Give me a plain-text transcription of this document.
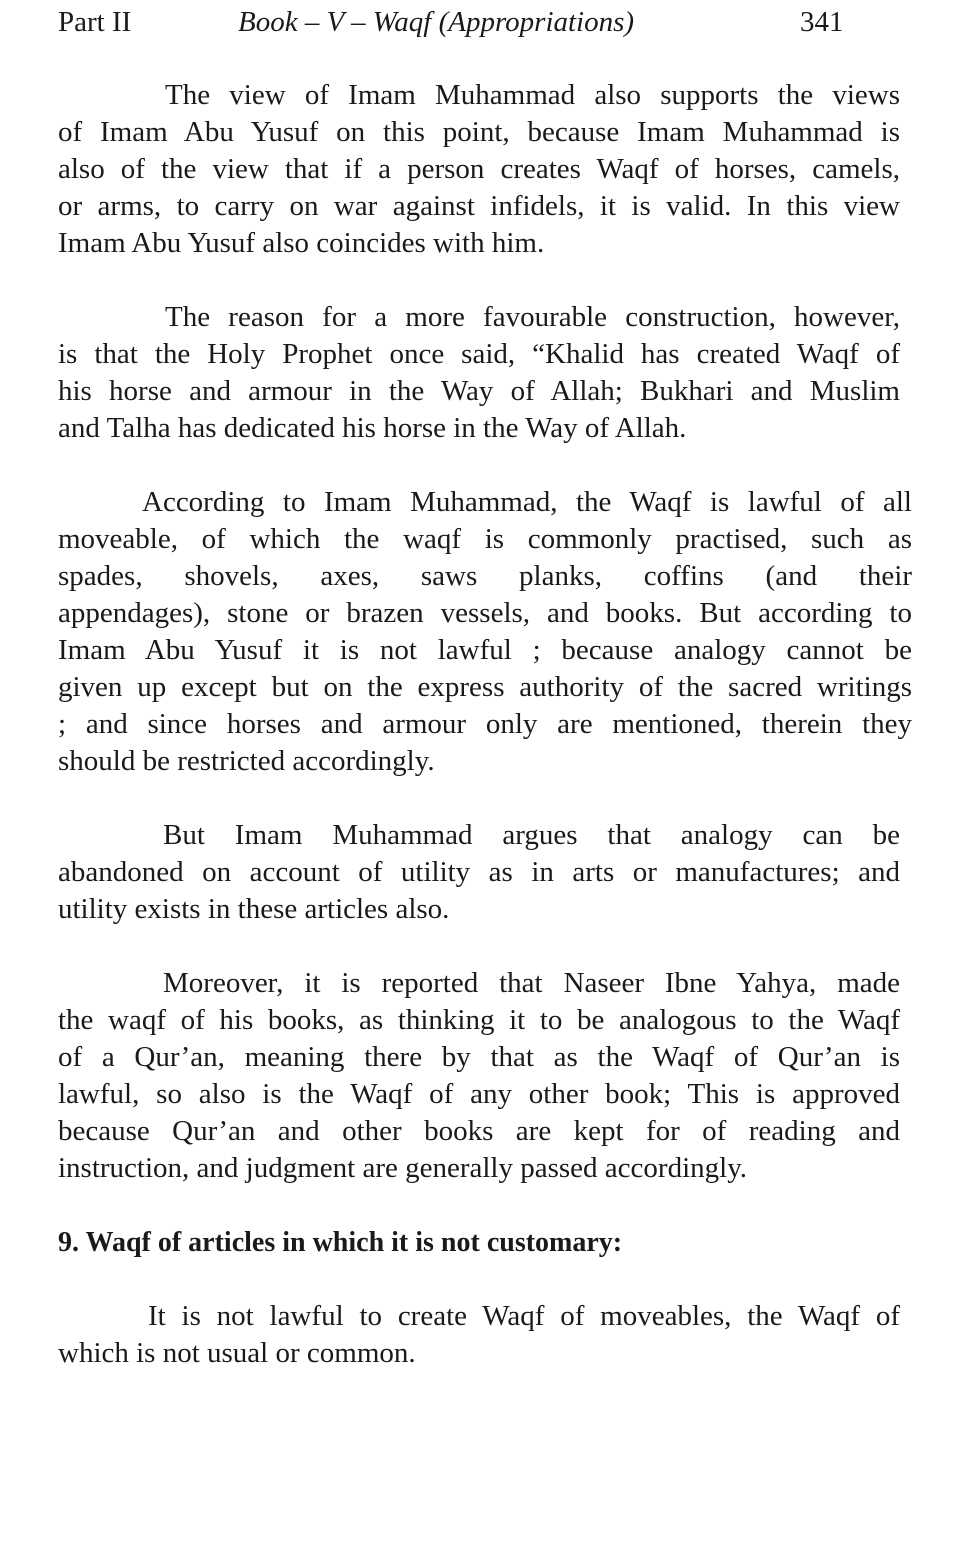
Part II	Book – V – Waqf (Appropriations)	341
The view of Imam Muhammad also supports the views
of Imam Abu Yusuf on this point, because Imam Muhammad is
also of the view that if a person creates Waqf of horses, camels,
or arms, to carry on war against infidels, it is valid. In this view
Imam Abu Yusuf also coincides with him.
The reason for a more favourable construction, however,
is that the Holy Prophet once said, “Khalid has created Waqf of
his horse and armour in the Way of Allah; Bukhari and Muslim
and Talha has dedicated his horse in the Way of Allah.
According to Imam Muhammad, the Waqf is lawful of all
moveable, of which the waqf is commonly practised, such as
spades, shovels, axes, saws planks, coffins (and their
appendages), stone or brazen vessels, and books. But according to
Imam Abu Yusuf it is not lawful ; because analogy cannot be
given up except but on the express authority of the sacred writings
; and since horses and armour only are mentioned, therein they
should be restricted accordingly.
But Imam Muhammad argues that analogy can be
abandoned on account of utility as in arts or manufactures; and
utility exists in these articles also.
Moreover, it is reported that Naseer Ibne Yahya, made
the waqf of his books, as thinking it to be analogous to the Waqf
of a Qur’an, meaning there by that as the Waqf of Qur’an is
lawful, so also is the Waqf of any other book; This is approved
because Qur’an and other books are kept for of reading and
instruction, and judgment are generally passed accordingly.
9. Waqf of articles in which it is not customary:
It is not lawful to create Waqf of moveables, the Waqf of
which is not usual or common.
